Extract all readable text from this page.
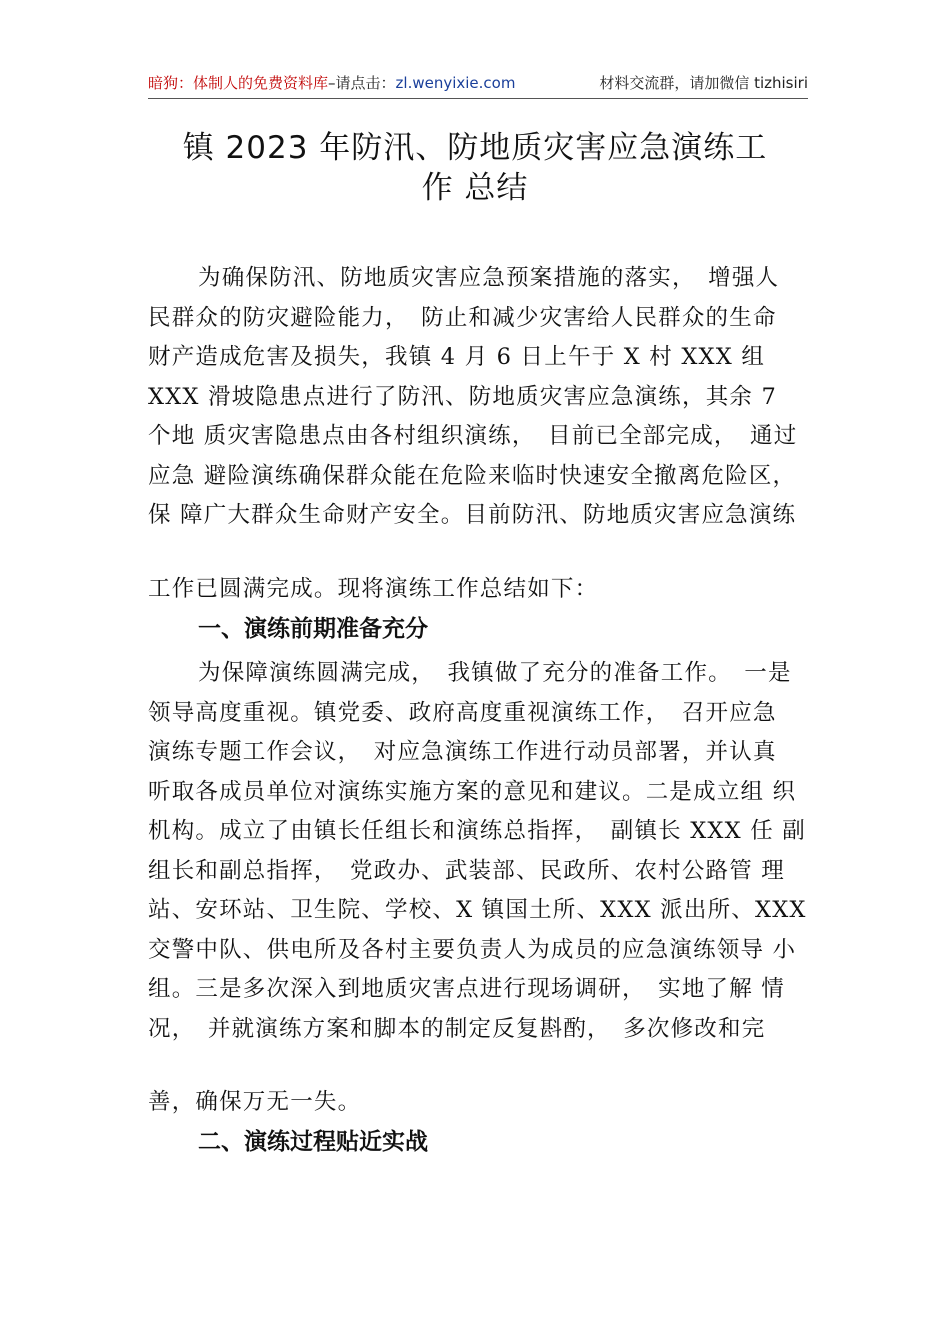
暗狗：体制人的免费资料库–请点击：zl.wenyixie.com	材料交流群，请加微信 tizhisiri
镇 2023 年防汛、防地质灾害应急演练工
作 总结
为确保防汛、防地质灾害应急预案措施的落实，　增强人 民群众的防灾避险能力，　防止和减少灾害给人民群众的生命 财产造成危害及损失，我镇 4 月 6 日上午于 X 村 XXX 组 XXX 滑坡隐患点进行了防汛、防地质灾害应急演练，其余 7 个地 质灾害隐患点由各村组织演练，　目前已全部完成，　通过应急 避险演练确保群众能在危险来临时快速安全撤离危险区，　保 障广大群众生命财产安全。目前防汛、防地质灾害应急演练
工作已圆满完成。现将演练工作总结如下：
一、演练前期准备充分
为保障演练圆满完成，　我镇做了充分的准备工作。　一是 领导高度重视。镇党委、政府高度重视演练工作，　召开应急 演练专题工作会议，　对应急演练工作进行动员部署，并认真 听取各成员单位对演练实施方案的意见和建议。二是成立组 织机构。成立了由镇长任组长和演练总指挥，　副镇长 XXX 任 副组长和副总指挥，　党政办、武装部、民政所、农村公路管 理站、安环站、卫生院、学校、X 镇国土所、XXX 派出所、XXX 交警中队、供电所及各村主要负责人为成员的应急演练领导 小组。三是多次深入到地质灾害点进行现场调研，　实地了解 情况，　并就演练方案和脚本的制定反复斟酌，　多次修改和完
善，确保万无一失。
二、演练过程贴近实战
